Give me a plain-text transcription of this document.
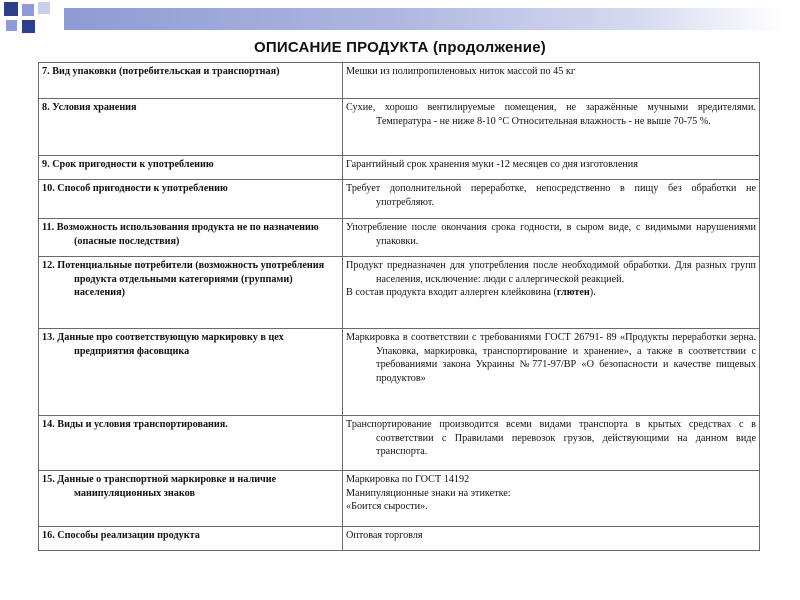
ОПИСАНИЕ ПРОДУКТА (продолжение)
7. Вид упаковки (потребительская и транспортная)	Мешки из полипропиленовых ниток массой по 45 кг

8. Условия хранения	Сухие, хорошо вентилируемые помещения, не заражённые мучными вредителями. Температура - не ниже 8-10 °С Относительная влажность - не выше 70-75 %.

9. Срок пригодности к употреблению	Гарантийный срок хранения муки -12 месяцев со дня изготовления

10. Способ пригодности к употреблению	Требует дополнительной переработке, непосредственно в пищу без обработки не употребляют.

11. Возможность использования продукта не по назначению (опасные последствия)	Употребление после окончания срока годности, в сыром виде, с видимыми нарушениями упаковки.

12. Потенциальные потребители (возможность употребления продукта отдельными категориями (группами) населения)	Продукт предназначен для употребления после необходимой обработки. Для разных групп населения, исключение: люди с аллергической реакцией.
В состав продукта входит аллерген клейковина (глютен).

13. Данные про соответствующую маркировку в цех предприятия фасовщика	Маркировка в соответствии с требованиями ГОСТ 26791- 89 «Продукты переработки зерна. Упаковка, маркировка, транспортирование и хранение», а также в соответствии с требованиями закона Украины №771-97/ВР «О безопасности и качестве пищевых продуктов»

14. Виды и условия транспортирования.	Транспортирование производится всеми видами транспорта в крытых средствах с в соответствии с Правилами перевозок грузов, действующими на данном виде транспорта.

15. Данные о транспортной маркировке и наличие манипуляционных знаков	Маркировка по ГОСТ 14192
Манипуляционные знаки на этикетке:
«Боится сырости».

16. Способы реализации продукта	Оптовая торговля
